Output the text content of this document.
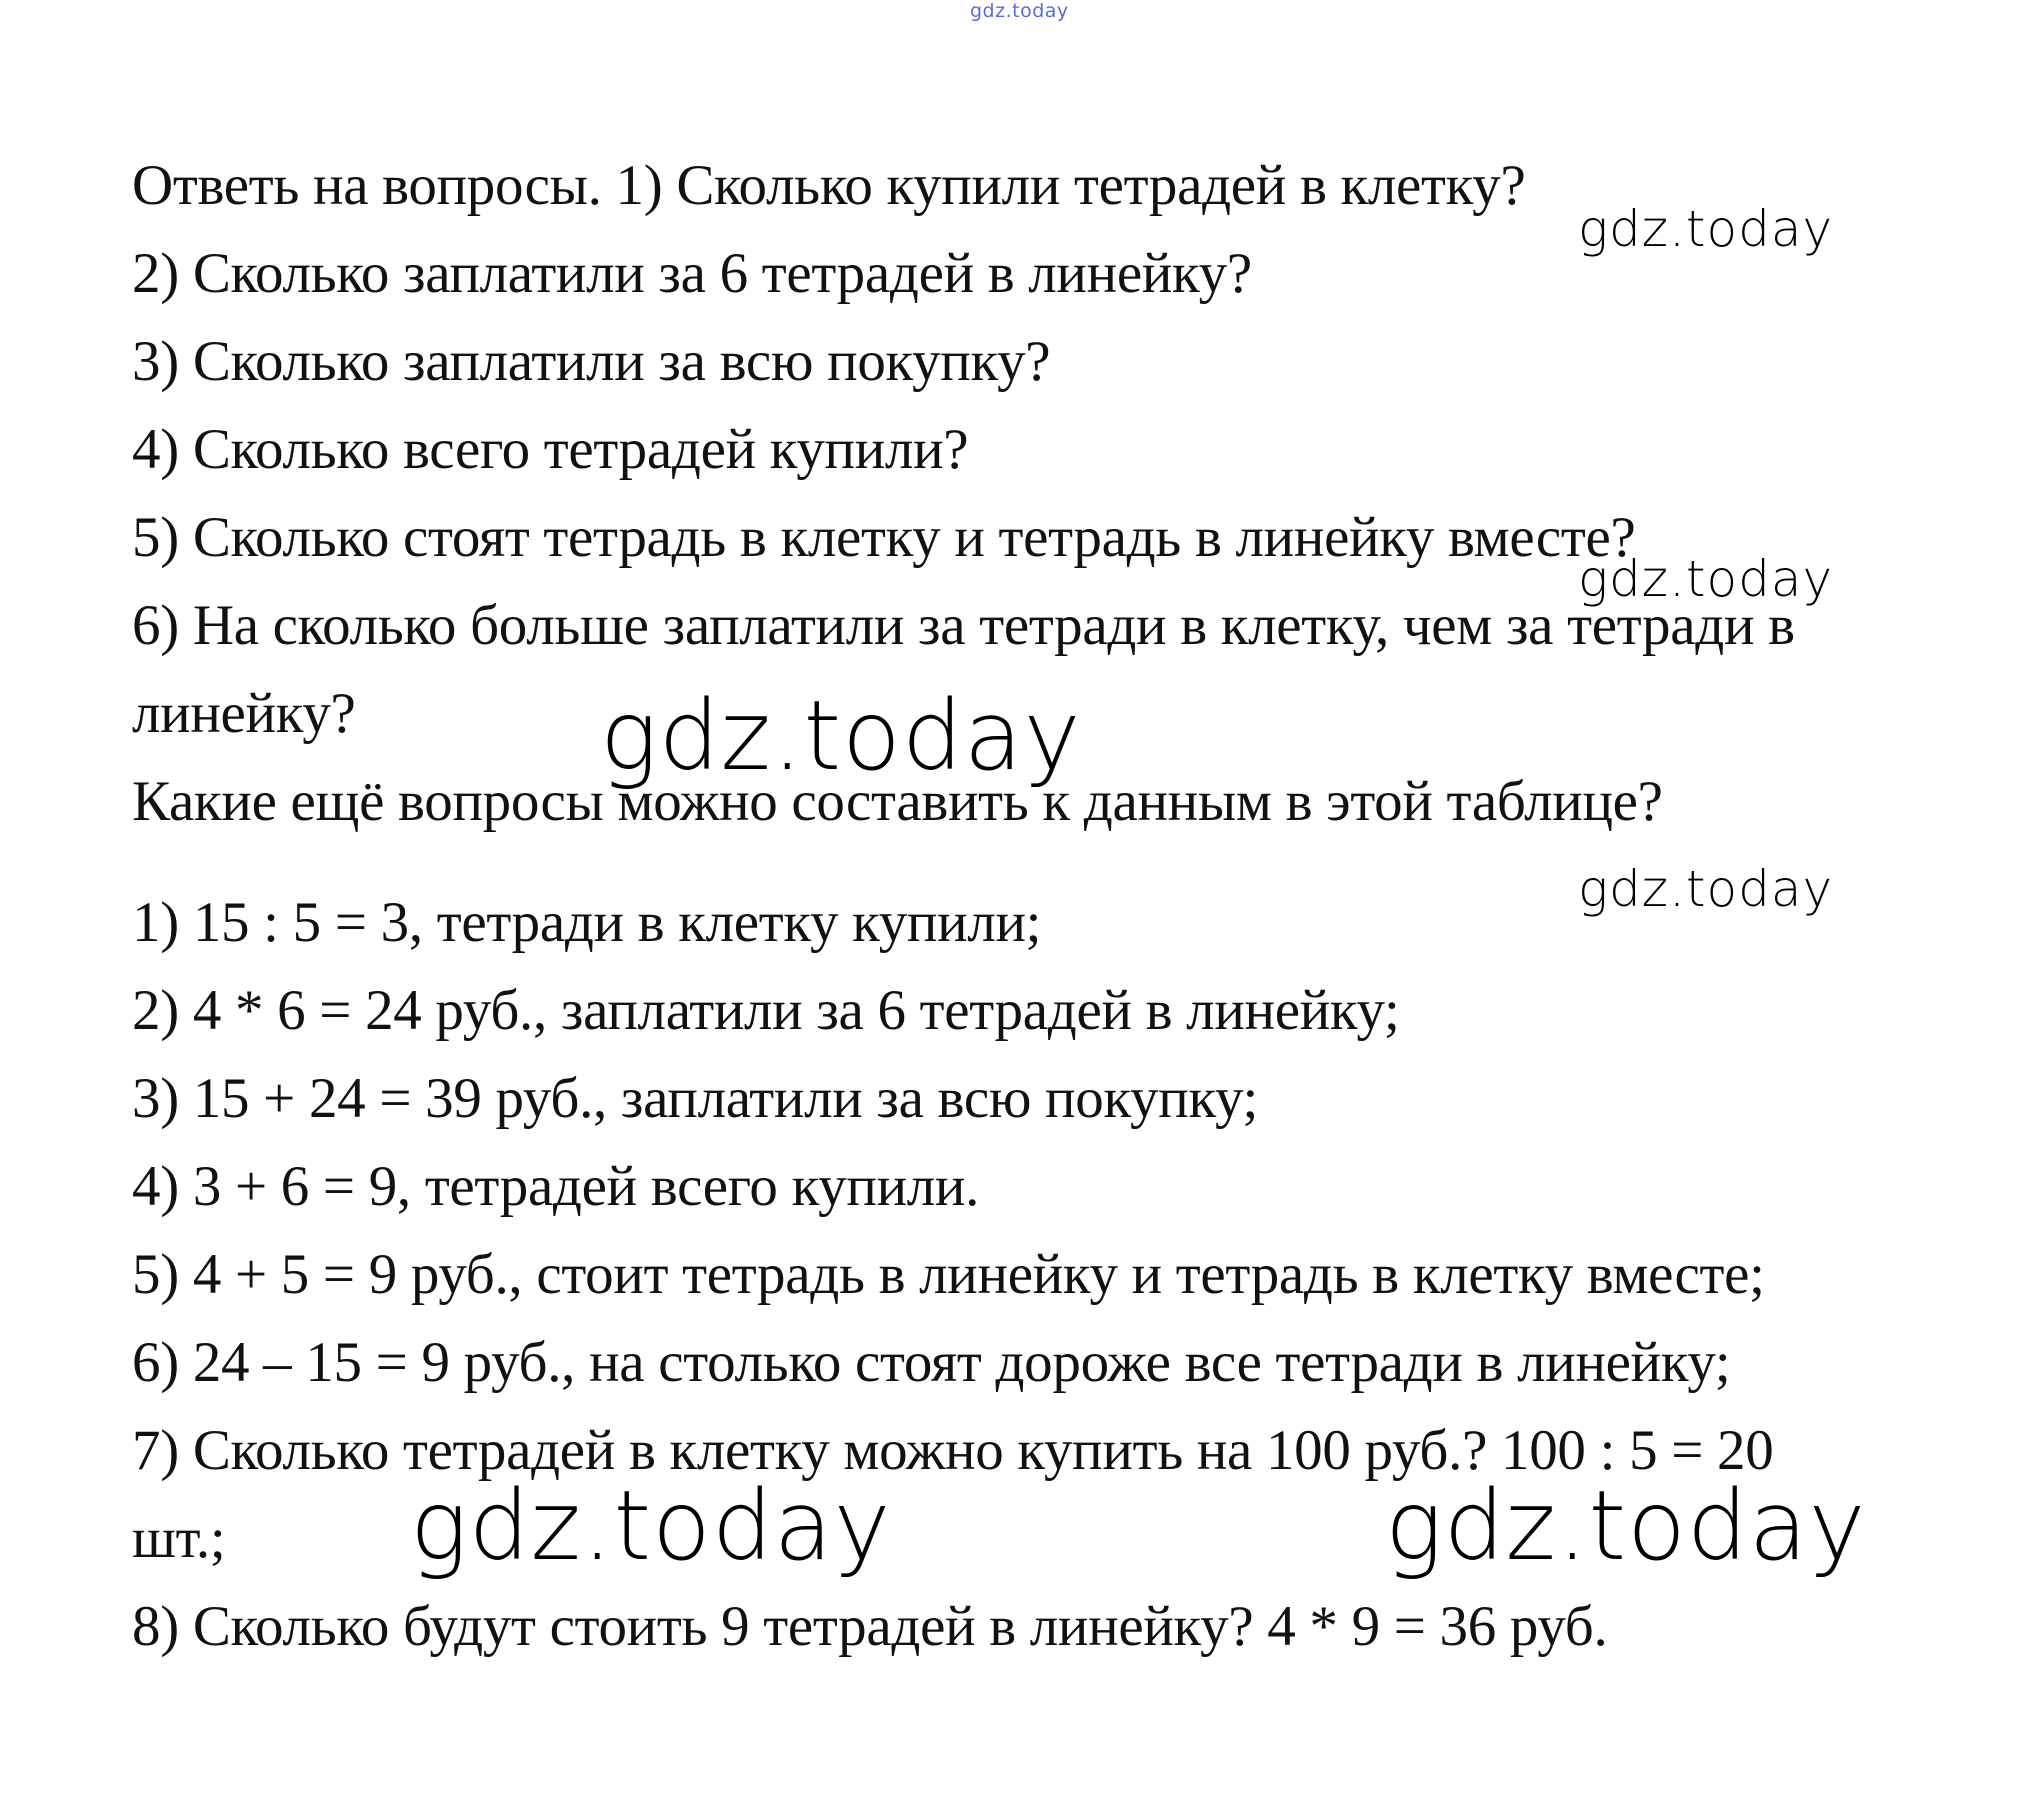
gdz.today
Ответь на вопросы. 1) Сколько купили тетрадей в клетку?
2) Сколько заплатили за 6 тетрадей в линейку?
3) Сколько заплатили за всю покупку?
4) Сколько всего тетрадей купили?
5) Сколько стоят тетрадь в клетку и тетрадь в линейку вместе?
6) На сколько больше заплатили за тетради в клетку, чем за тетради в
линейку?
Какие ещё вопросы можно составить к данным в этой таблице?
1) 15 : 5 = 3, тетради в клетку купили;
2) 4 * 6 = 24 руб., заплатили за 6 тетрадей в линейку;
3) 15 + 24 = 39 руб., заплатили за всю покупку;
4) 3 + 6 = 9, тетрадей всего купили.
5) 4 + 5 = 9 руб., стоит тетрадь в линейку и тетрадь в клетку вместе;
6) 24 – 15 = 9 руб., на столько стоят дороже все тетради в линейку;
7) Сколько тетрадей в клетку можно купить на 100 руб.? 100 : 5 = 20
шт.;
8) Сколько будут стоить 9 тетрадей в линейку? 4 * 9 = 36 руб.
gdz.today
gdz.today
gdz.today
gdz.today
gdz.today	gdz.today
